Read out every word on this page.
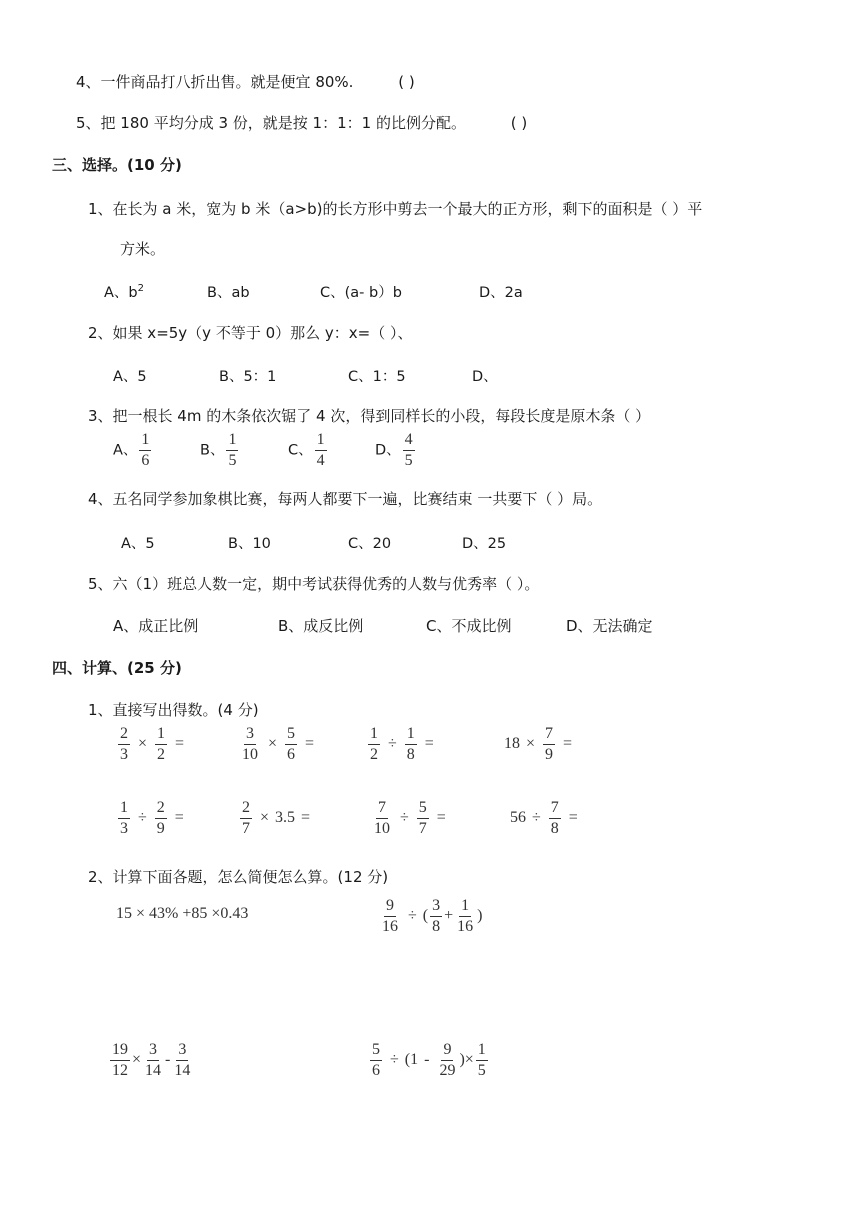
4、一件商品打八折出售。就是便宜 80%.	( )
5、把 180 平均分成 3 份，就是按 1：1：1 的比例分配。	( )
三、选择。(10 分)
1、在长为 a 米，宽为 b 米（a>b)的长方形中剪去一个最大的正方形，剩下的面积是（ ）平
方米。
A、$b^2$	B、ab	C、(a- b）b	D、2a
2、如果 x=5y（y 不等于 0）那么 y：x=（ ）、
A、5	B、5：1	C、1：5	D、
3、把一根长 4m 的木条依次锯了 4 次，得到同样长的小段，每段长度是原木条（ ）
A、 $\frac{1}{6}$	B、 $\frac{1}{5}$	C、 $\frac{1}{4}$	D、 $\frac{4}{5}$
4、五名同学参加象棋比赛，每两人都要下一遍，比赛结束 一共要下（ ）局。
A、5	B、10	C、20	D、25
5、六（1）班总人数一定，期中考试获得优秀的人数与优秀率（ ）。
A、成正比例	B、成反比例	C、不成比例	D、无法确定
四、计算、(25 分)
1、直接写出得数。(4 分)
$\frac{2}{3} \times \frac{1}{2}$ =	$\frac{3}{10} \times \frac{5}{6}$ =	$\frac{1}{2} \div \frac{1}{8}$ =	$18 \times \frac{7}{9}$ =
$\frac{1}{3} \div \frac{2}{9}$ =	$\frac{2}{7} \times 3.5$ =	$\frac{7}{10} \div \frac{5}{7}$ =	$56 \div \frac{7}{8}$ =
2、计算下面各题，怎么简便怎么算。(12 分)
15 × 43% +85 ×0.43	$\frac{9}{16}$ ÷ ( $\frac{3}{8} + \frac{1}{16}$ )
$\frac{19}{12} \times \frac{3}{14} - \frac{3}{14}$	$\frac{5}{6} \div (1 - \frac{9}{29}$ )× $\frac{1}{5}$
